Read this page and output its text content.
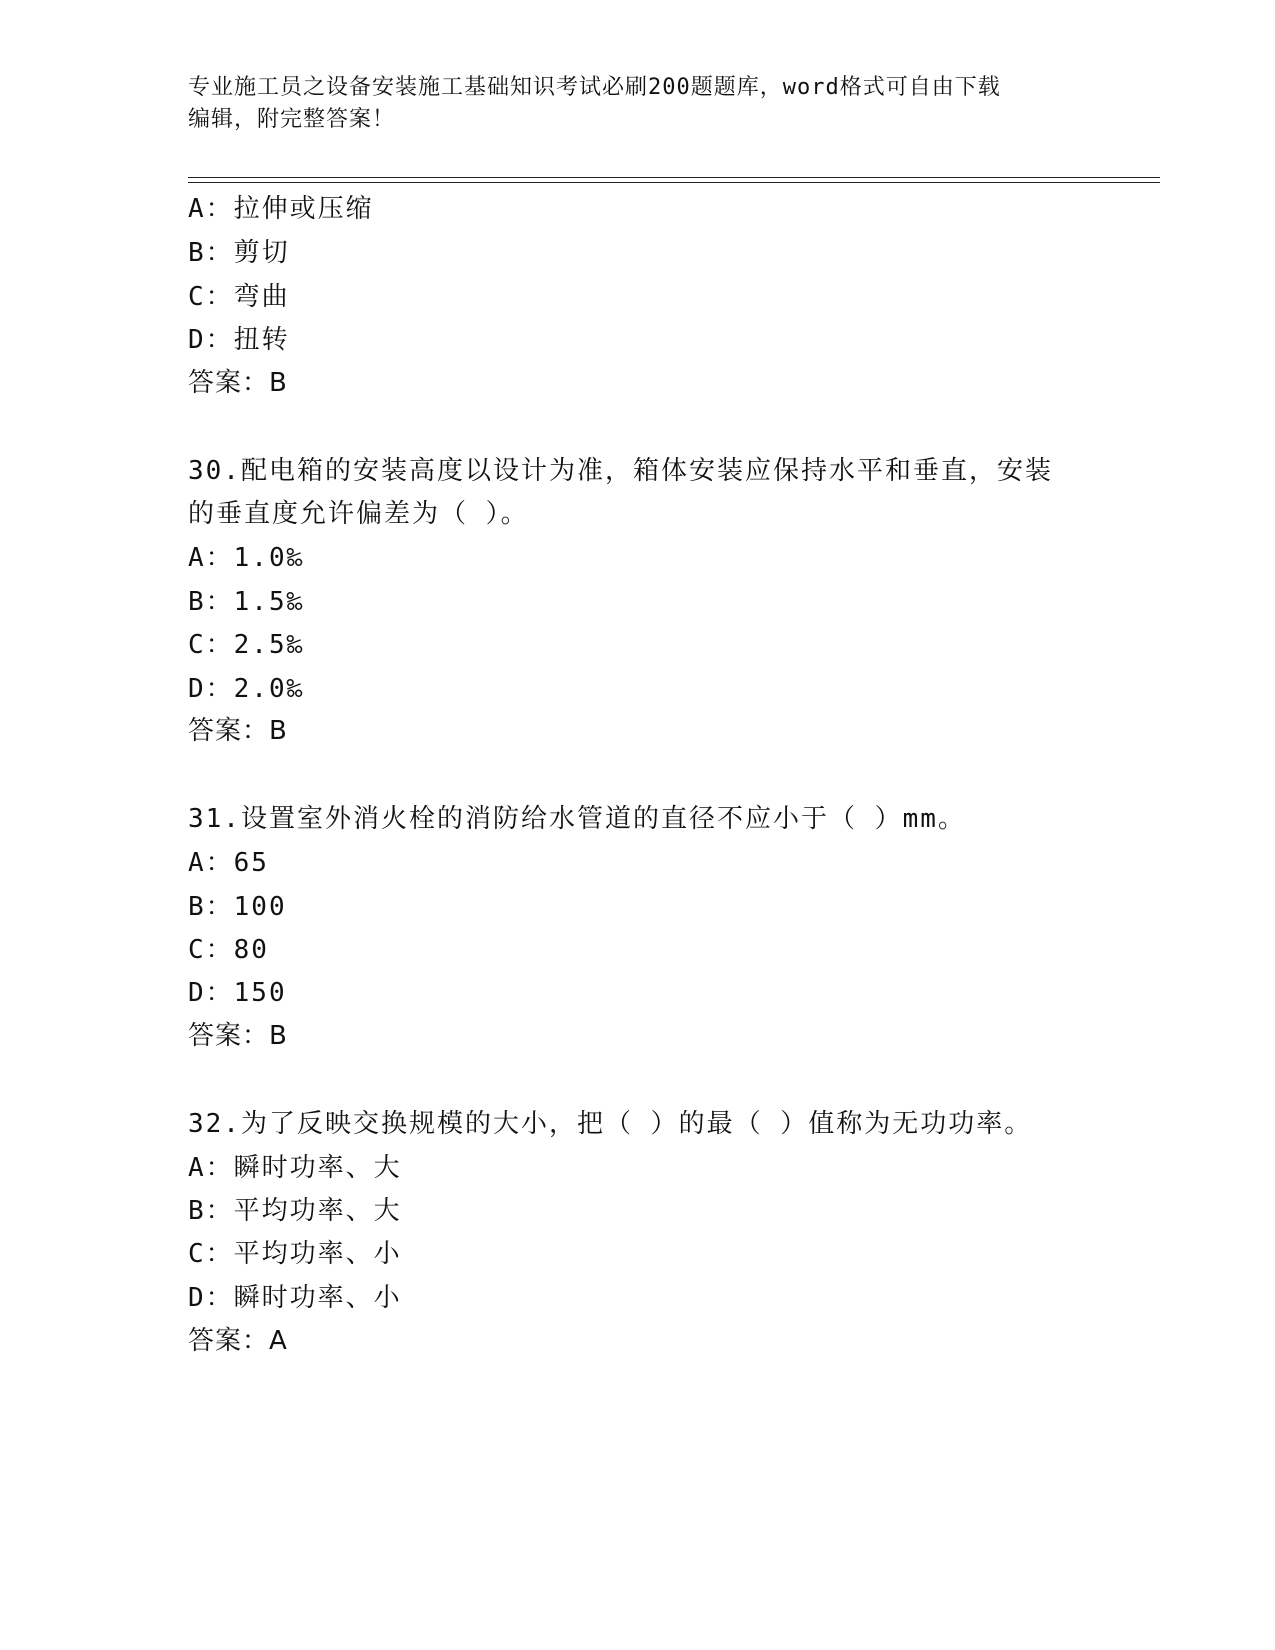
专业施工员之设备安装施工基础知识考试必刷200题题库，word格式可自由下载
编辑，附完整答案！
A：拉伸或压缩
B：剪切
C：弯曲
D：扭转
答案：B
30.配电箱的安装高度以设计为准，箱体安装应保持水平和垂直，安装
的垂直度允许偏差为（ ）。
A：1.0‰
B：1.5‰
C：2.5‰
D：2.0‰
答案：B
31.设置室外消火栓的消防给水管道的直径不应小于（ ）mm。
A：65
B：100
C：80
D：150
答案：B
32.为了反映交换规模的大小，把（ ）的最（ ）值称为无功功率。
A：瞬时功率、大
B：平均功率、大
C：平均功率、小
D：瞬时功率、小
答案：A
